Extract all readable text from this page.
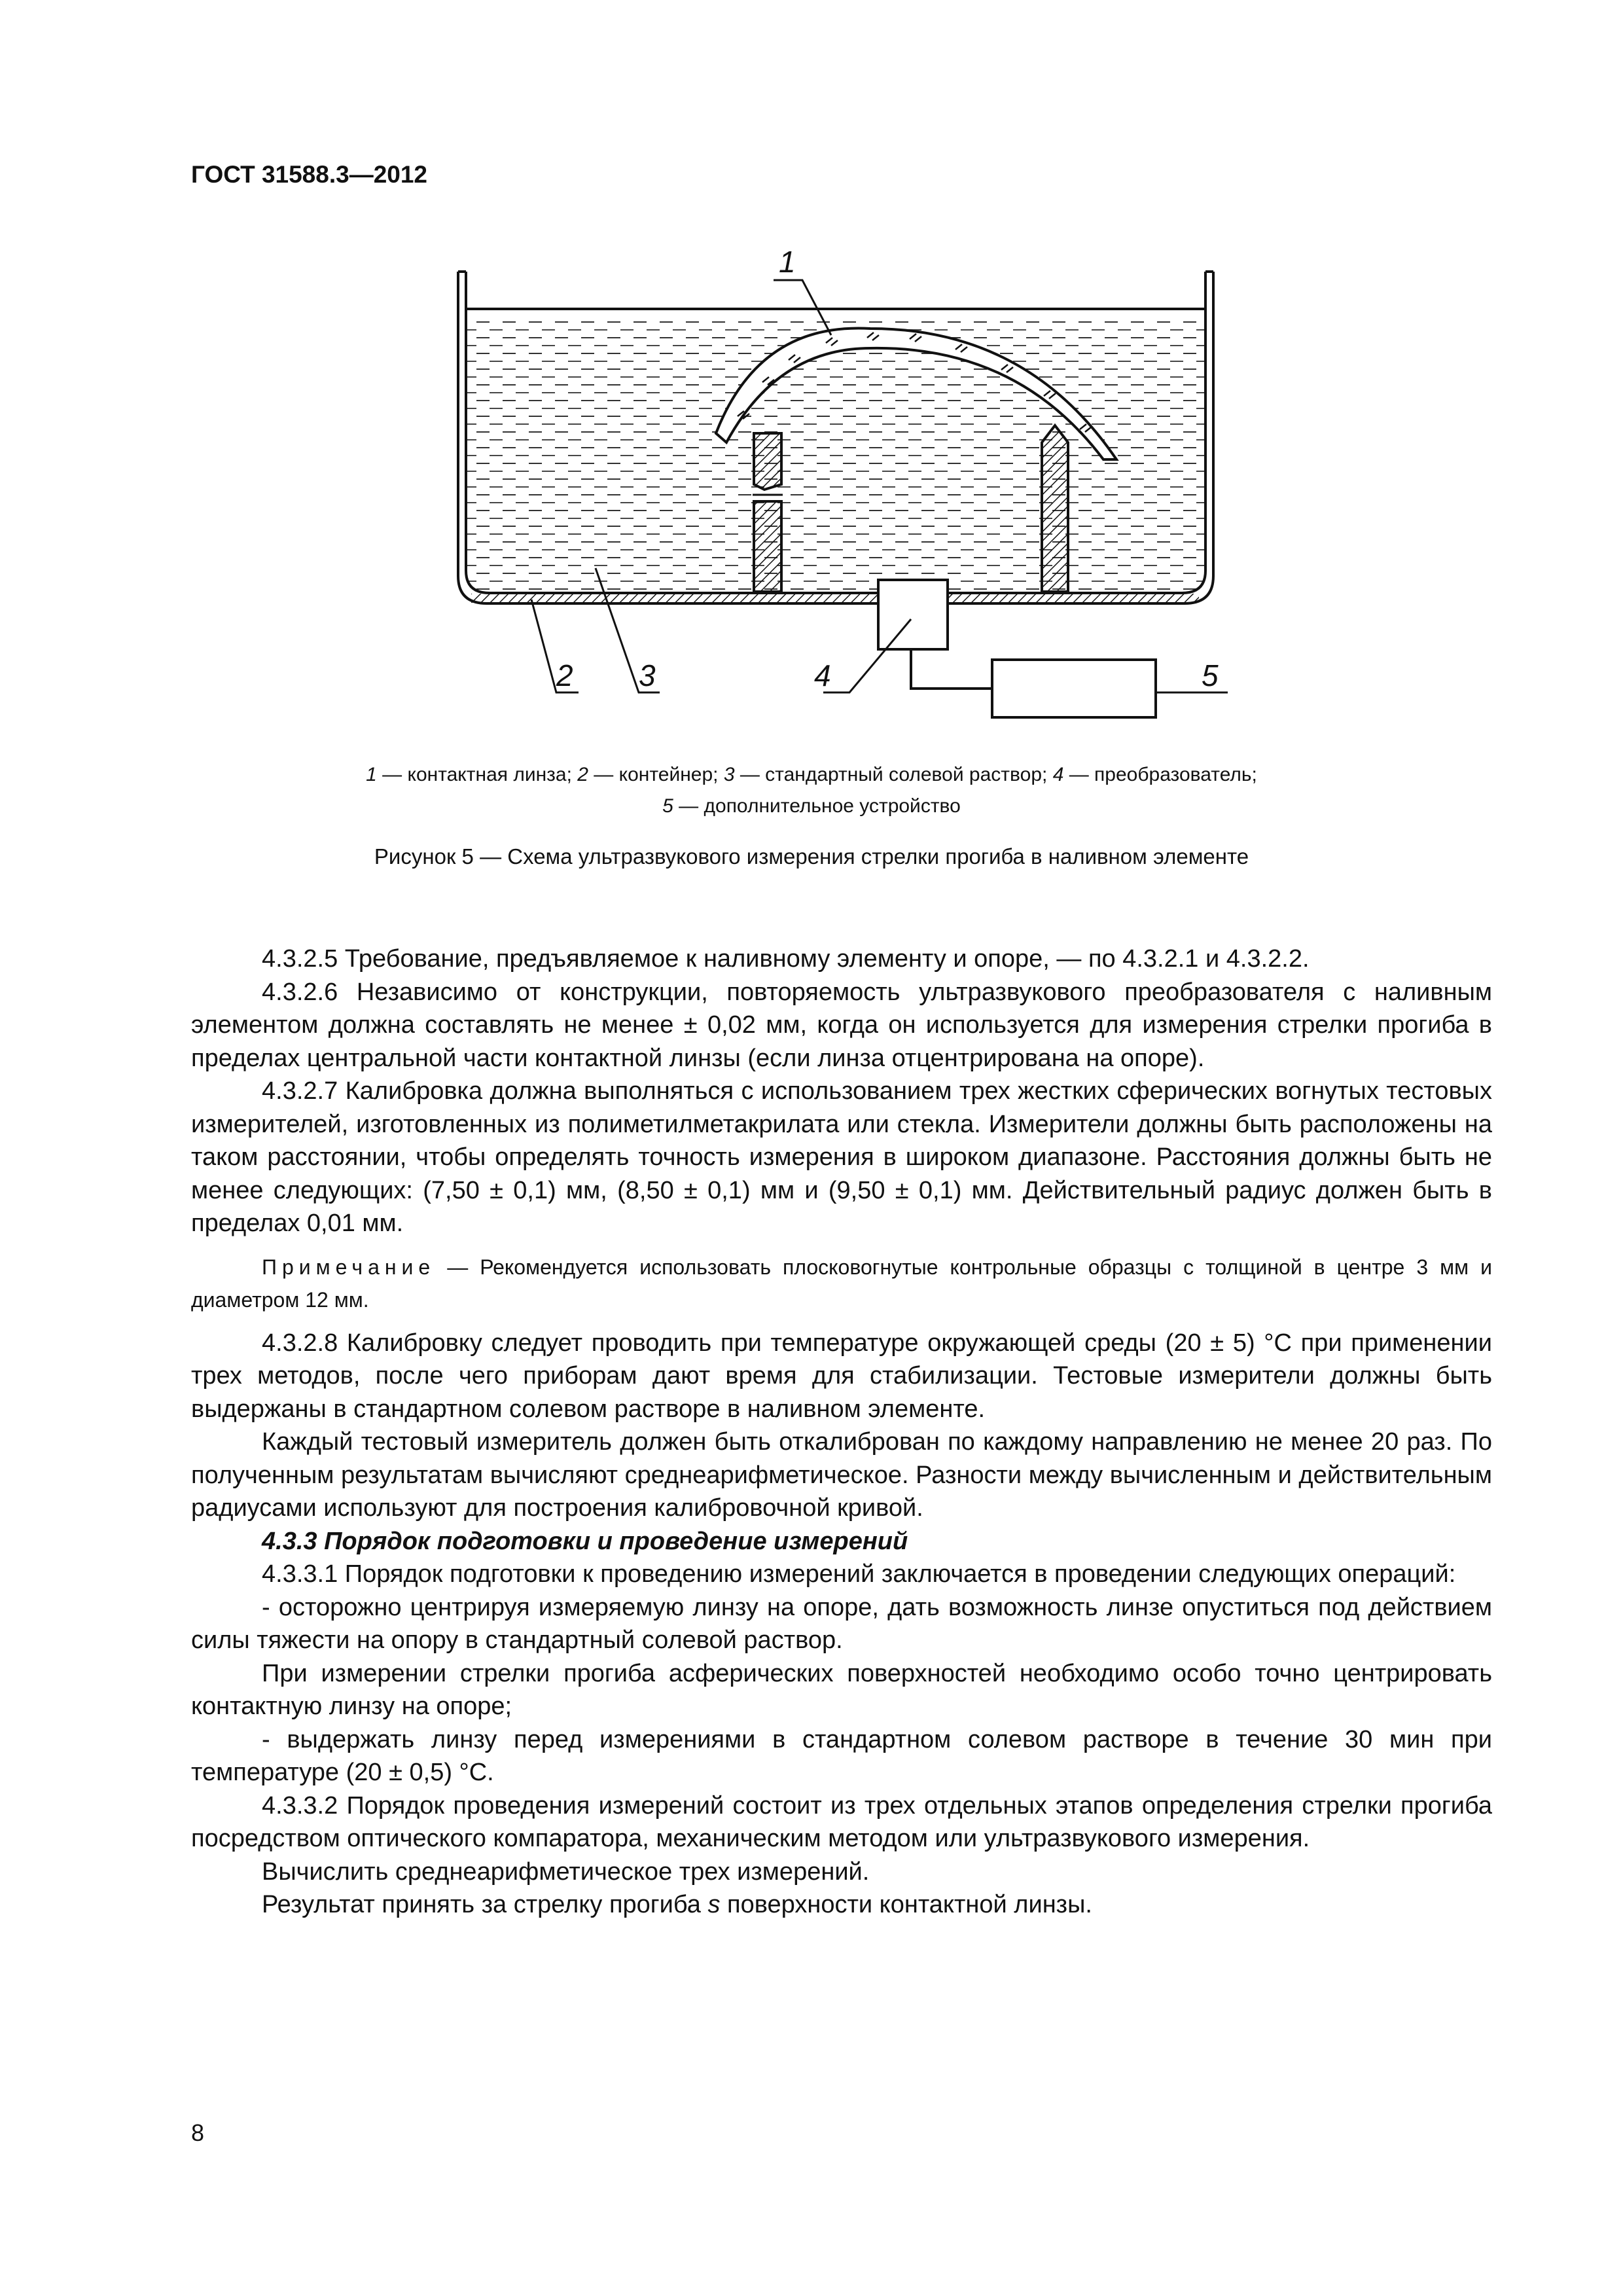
ГОСТ 31588.3—2012
1
2 3	4	5
1 — контактная линза; 2 — контейнер; 3 — стандартный солевой раствор; 4 — преобразователь;
5 — дополнительное устройство
Рисунок 5 — Схема ультразвукового измерения стрелки прогиба в наливном элементе

4.3.2.5 Требование, предъявляемое к наливному элементу и опоре, — по 4.3.2.1 и 4.3.2.2.

4.3.2.6 Независимо от конструкции, повторяемость ультразвукового преобразователя с наливным элементом должна составлять не менее ± 0,02 мм, когда он используется для измерения стрелки прогиба в пределах центральной части контактной линзы (если линза отцентрирована на опоре).

4.3.2.7 Калибровка должна выполняться с использованием трех жестких сферических вогнутых тестовых измерителей, изготовленных из полиметилметакрилата или стекла. Измерители должны быть расположены на таком расстоянии, чтобы определять точность измерения в широком диапазоне. Расстояния должны быть не менее следующих: (7,50 ± 0,1) мм, (8,50 ± 0,1) мм и (9,50 ± 0,1) мм. Действительный радиус должен быть в пределах 0,01 мм.

Примечание — Рекомендуется использовать плосковогнутые контрольные образцы с толщиной в центре 3 мм и диаметром 12 мм.

4.3.2.8 Калибровку следует проводить при температуре окружающей среды (20 ± 5) °С при применении трех методов, после чего приборам дают время для стабилизации. Тестовые измерители должны быть выдержаны в стандартном солевом растворе в наливном элементе.

Каждый тестовый измеритель должен быть откалиброван по каждому направлению не менее 20 раз. По полученным результатам вычисляют среднеарифметическое. Разности между вычисленным и действительным радиусами используют для построения калибровочной кривой.

4.3.3 Порядок подготовки и проведение измерений

4.3.3.1 Порядок подготовки к проведению измерений заключается в проведении следующих операций:

- осторожно центрируя измеряемую линзу на опоре, дать возможность линзе опуститься под действием силы тяжести на опору в стандартный солевой раствор.

При измерении стрелки прогиба асферических поверхностей необходимо особо точно центрировать контактную линзу на опоре;

- выдержать линзу перед измерениями в стандартном солевом растворе в течение 30 мин при температуре (20 ± 0,5) °С.

4.3.3.2 Порядок проведения измерений состоит из трех отдельных этапов определения стрелки прогиба посредством оптического компаратора, механическим методом или ультразвукового измерения.

Вычислить среднеарифметическое трех измерений.

Результат принять за стрелку прогиба s поверхности контактной линзы.

8
